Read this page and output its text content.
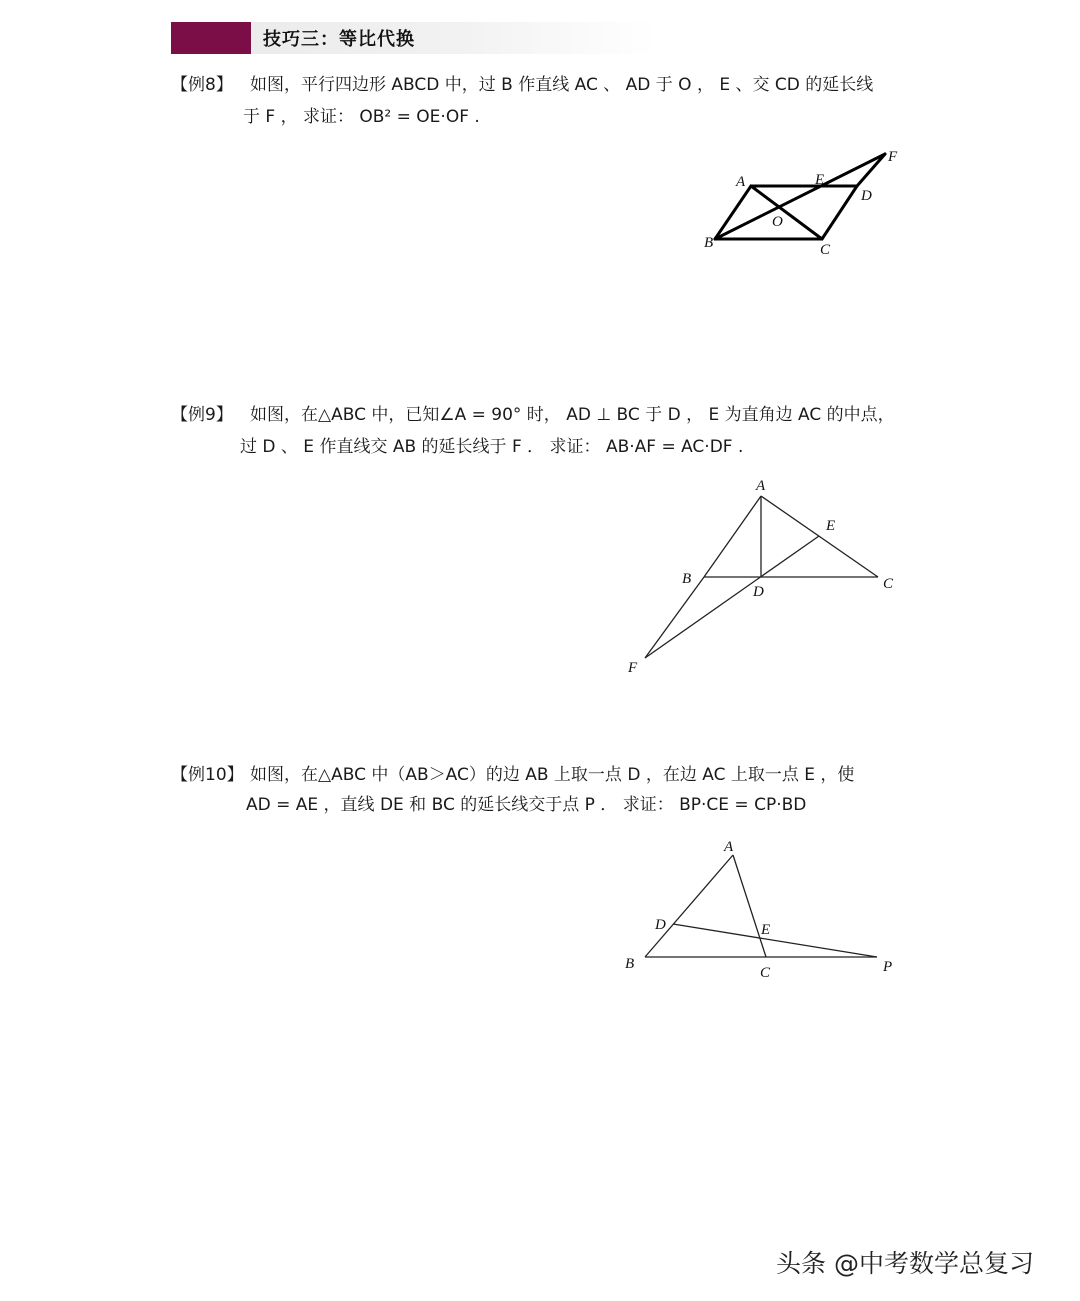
技巧三：等比代换
【例8】 如图，平行四边形 ABCD 中，过 B 作直线 AC 、 AD 于 O ， E 、交 CD 的延长线
于 F ， 求证： OB² = OE·OF .
A	E
D
F
O
B	C
【例9】 如图，在△ABC 中，已知∠A = 90° 时， AD ⊥ BC 于 D ， E 为直角边 AC 的中点，
过 D 、 E 作直线交 AB 的延长线于 F ． 求证： AB·AF = AC·DF .
A
E
B
D	C
F
【例10】 如图，在△ABC 中（AB＞AC）的边 AB 上取一点 D ，在边 AC 上取一点 E ，使
AD = AE ，直线 DE 和 BC 的延长线交于点 P ． 求证： BP·CE = CP·BD
A
D	E
B
C	P
头条 @中考数学总复习
